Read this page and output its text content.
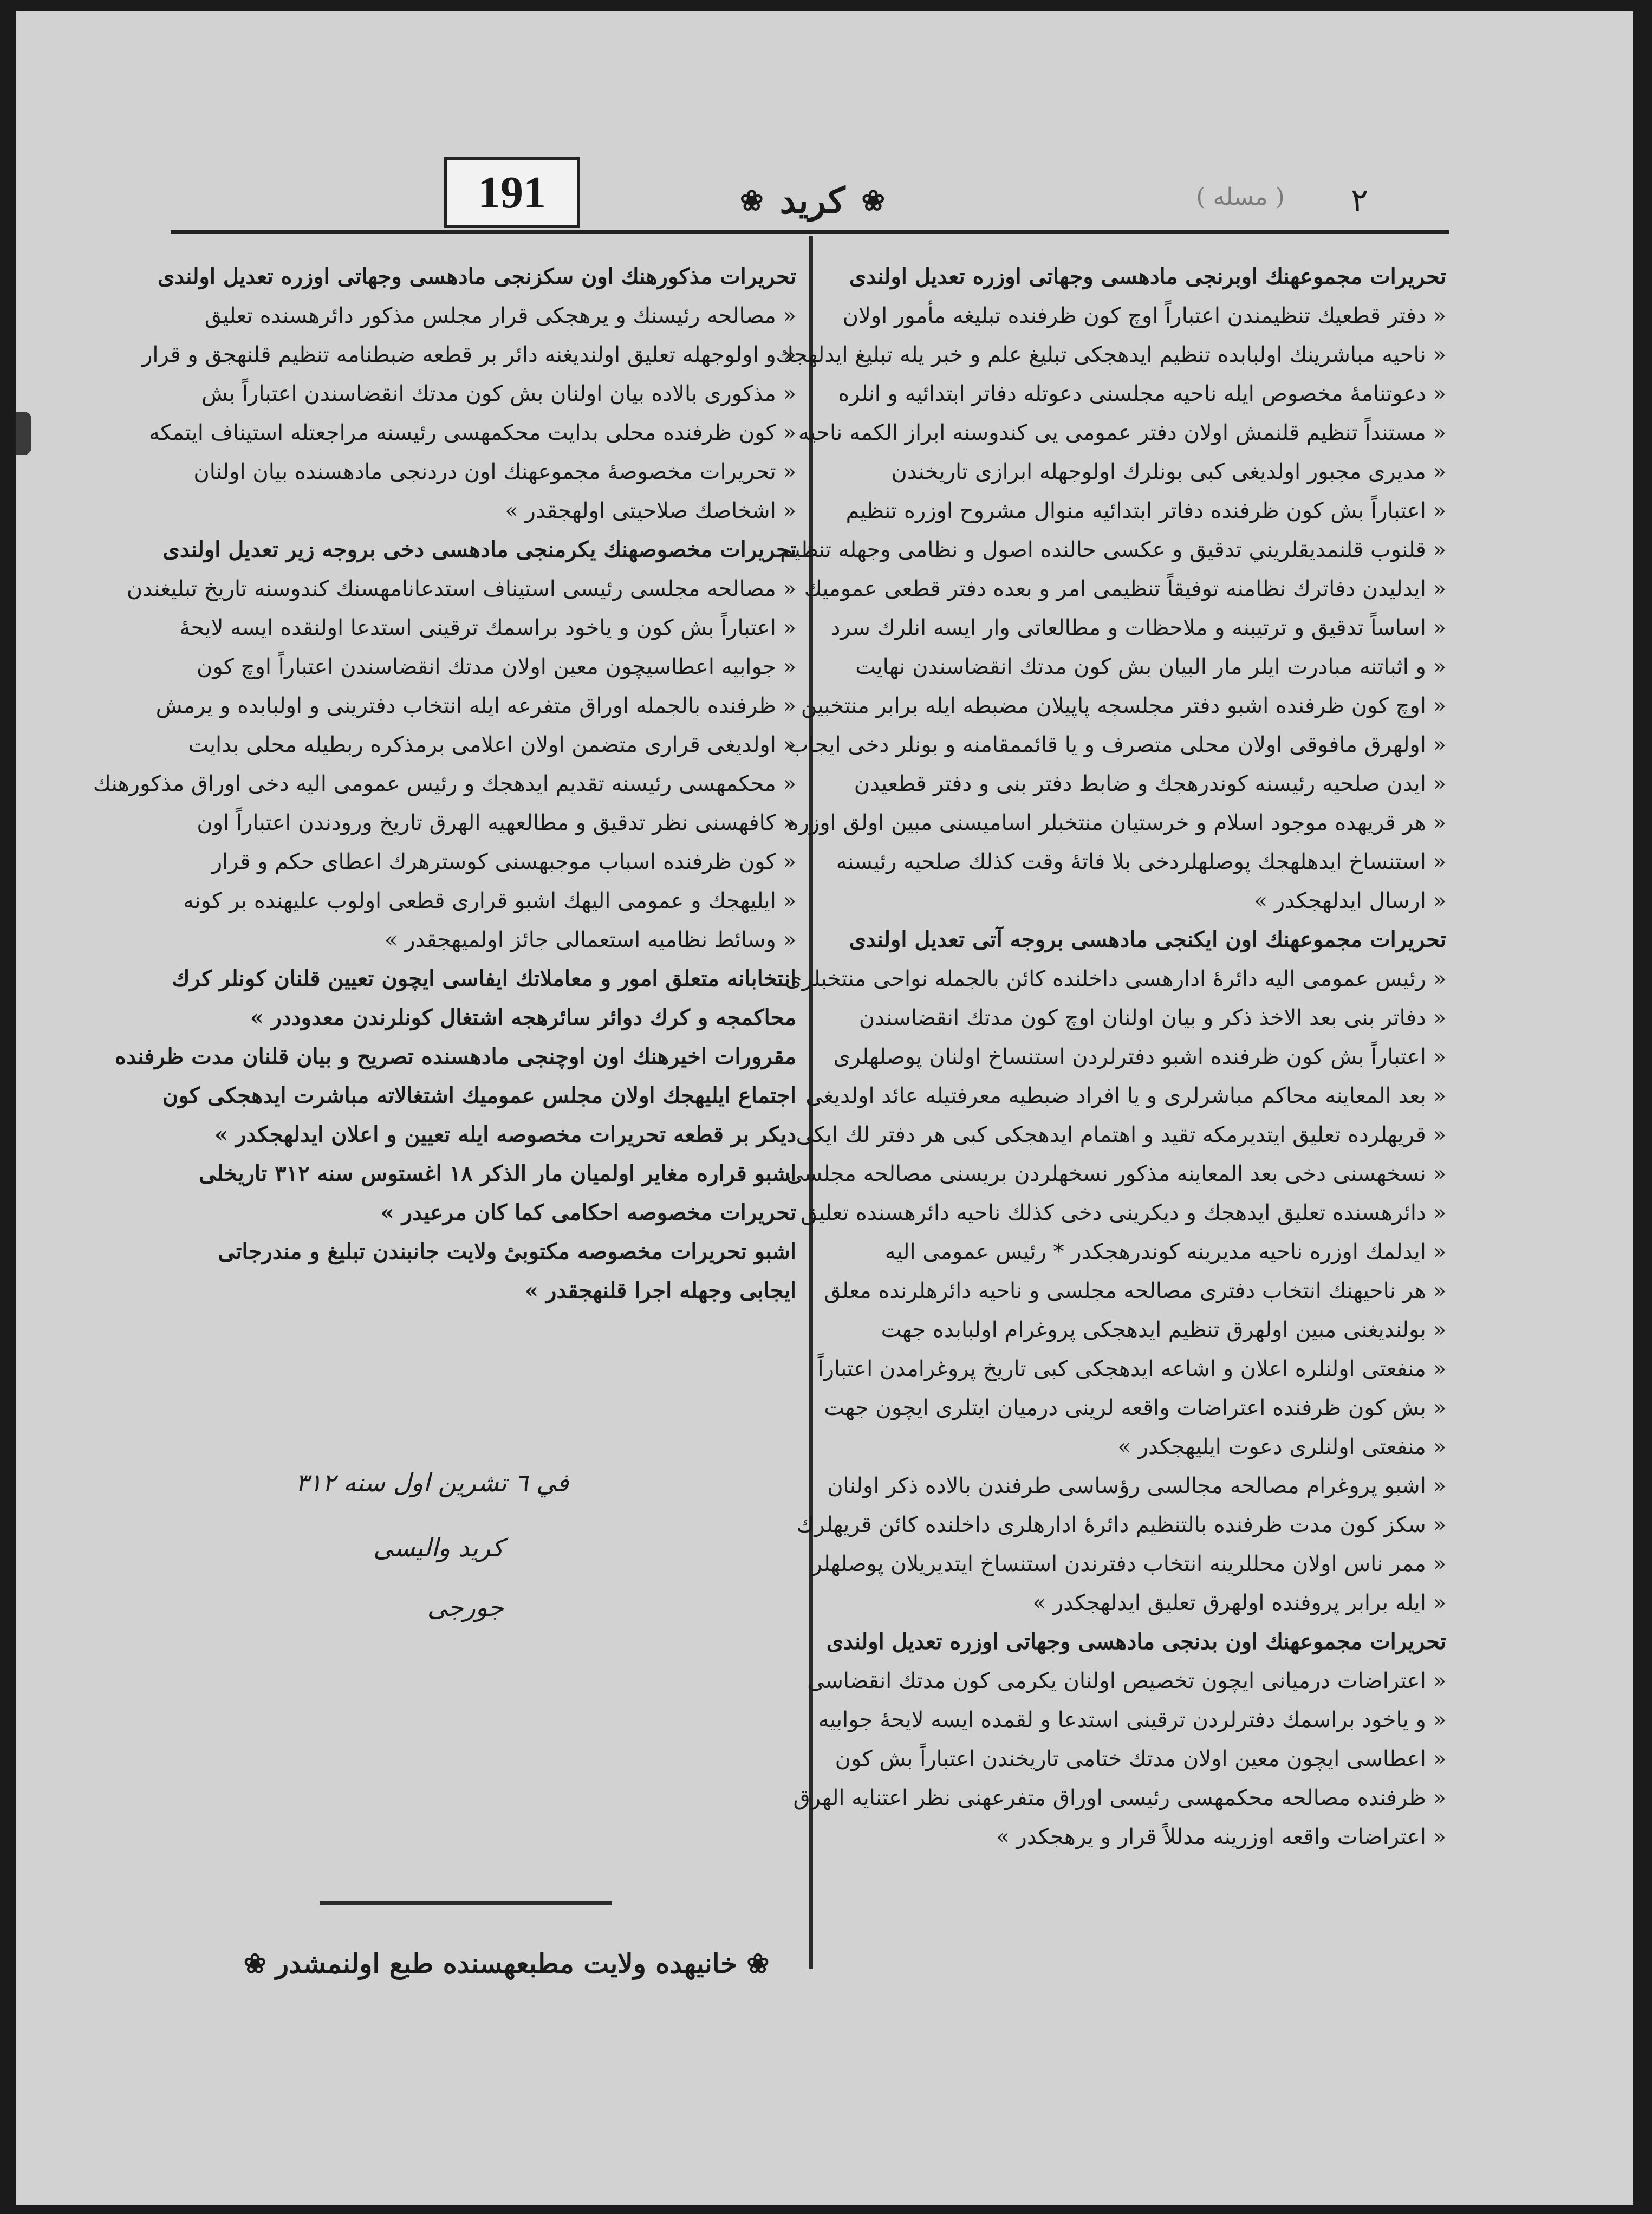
191	❀
كريد
❀	( مسله )	٢

تحريرات مجموعهنك اوبرنجى مادهسى وجهاتى اوزره تعديل اولندى

« دفتر قطعيك تنظيمندن اعتباراً اوچ كون ظرفنده تبليغه مأمور اولان

« ناحيه مباشرينك اولبابده تنظيم ايدهجكى تبليغ علم و خبر يله تبليغ ايدلهجك

« دعوتنامهٔ مخصوص ايله ناحيه مجلسنى دعوتله دفاتر ابتدائيه و انلره

« مستنداً تنظيم قلنمش اولان دفتر عمومى يى كندوسنه ابراز الكمه ناحيه

« مديرى مجبور اولديغى كبى بونلرك اولوجهله ابرازى تاريخندن

« اعتباراً بش كون ظرفنده دفاتر ابتدائيه منوال مشروح اوزره تنظيم

« قلنوب قلنمديقلريني تدقيق و عكسى حالنده اصول و نظامى وجهله تنظيم

« ايدليدن دفاترك نظامنه توفيقاً تنظيمى امر و بعده دفتر قطعى عموميك

« اساساً تدقيق و ترتيبنه و ملاحظات و مطالعاتى وار ايسه انلرك سرد

« و اثباتنه مبادرت ايلر مار البيان بش كون مدتك انقضاسندن نهايت

« اوچ كون ظرفنده اشبو دفتر مجلسجه پاپيلان مضبطه ايله برابر منتخبين

« اولهرق مافوقى اولان محلى متصرف و يا قائممقامنه و بونلر دخى ايجاب

« ايدن صلحيه رئيسنه كوندرهجك و ضابط دفتر بنى و دفتر قطعيدن

« هر قريهده موجود اسلام و خرستيان منتخبلر اساميسنى مبين اولق اوزره

« استنساخ ايدهلهجك پوصلهلردخى بلا فاتهٔ وقت كذلك صلحيه رئيسنه

« ارسال ايدلهجكدر »

تحريرات مجموعهنك اون ايكنجى مادهسى بروجه آتى تعديل اولندى

« رئيس عمومى اليه دائرهٔ ادارهسى داخلنده كائن بالجمله نواحى منتخبلرى

« دفاتر بنى بعد الاخذ ذكر و بيان اولنان اوچ كون مدتك انقضاسندن

« اعتباراً بش كون ظرفنده اشبو دفترلردن استنساخ اولنان پوصلهلرى

« بعد المعاينه محاكم مباشرلرى و يا افراد ضبطيه معرفتيله عائد اولديغى

« قريهلرده تعليق ايتديرمكه تقيد و اهتمام ايدهجكى كبى هر دفتر لك ايكى

« نسخهسنى دخى بعد المعاينه مذكور نسخهلردن بريسنى مصالحه مجلسى

« دائرهسنده تعليق ايدهجك و ديكرينى دخى كذلك ناحيه دائرهسنده تعليق

« ايدلمك اوزره ناحيه مديرينه كوندرهجكدر * رئيس عمومى اليه

« هر ناحيهنك انتخاب دفترى مصالحه مجلسى و ناحيه دائرهلرنده معلق

« بولنديغنى مبين اولهرق تنظيم ايدهجكى پروغرام اولبابده جهت

« منفعتى اولنلره اعلان و اشاعه ايدهجكى كبى تاريخ پروغرامدن اعتباراً

« بش كون ظرفنده اعتراضات واقعه لرينى درميان ايتلرى ايچون جهت

« منفعتى اولنلرى دعوت ايليهجكدر »

« اشبو پروغرام مصالحه مجالسى رؤساسى طرفندن بالاده ذكر اولنان

« سكز كون مدت ظرفنده بالتنظيم دائرهٔ ادارهلرى داخلنده كائن قريهلرك

« ممر ناس اولان محللرينه انتخاب دفترندن استنساخ ايتديريلان پوصلهلر

« ايله برابر پروفنده اولهرق تعليق ايدلهجكدر »

تحريرات مجموعهنك اون بدنجى مادهسى وجهاتى اوزره تعديل اولندى

« اعتراضات درميانى ايچون تخصيص اولنان يكرمى كون مدتك انقضاسى

« و ياخود براسمك دفترلردن ترقينى استدعا و لقمده ايسه لايحهٔ جوابيه

« اعطاسى ايچون معين اولان مدتك ختامى تاريخندن اعتباراً بش كون

« ظرفنده مصالحه محكمهسى رئيسى اوراق متفرعهنى نظر اعتنايه الهرق

« اعتراضات واقعه اوزرينه مدللاً قرار و يرهجكدر »

تحريرات مذكورهنك اون سكزنجى مادهسى وجهاتى اوزره تعديل اولندى

« مصالحه رئيسنك و يرهجكى قرار مجلس مذكور دائرهسنده تعليق

« و اولوجهله تعليق اولنديغنه دائر بر قطعه ضبطنامه تنظيم قلنهجق و قرار

« مذكورى بالاده بيان اولنان بش كون مدتك انقضاسندن اعتباراً بش

« كون ظرفنده محلى بدايت محكمهسى رئيسنه مراجعتله استيناف ايتمكه

« تحريرات مخصوصهٔ مجموعهنك اون دردنجى مادهسنده بيان اولنان

« اشخاصك صلاحيتى اولهجقدر »

تحريرات مخصوصهنك يكرمنجى مادهسى دخى بروجه زير تعديل اولندى

« مصالحه مجلسى رئيسى استيناف استدعانامهسنك كندوسنه تاريخ تبليغندن

« اعتباراً بش كون و ياخود براسمك ترقينى استدعا اولنقده ايسه لايحهٔ

« جوابيه اعطاسيچون معين اولان مدتك انقضاسندن اعتباراً اوچ كون

« ظرفنده بالجمله اوراق متفرعه ايله انتخاب دفترينى و اولبابده و يرمش

« اولديغى قرارى متضمن اولان اعلامى برمذكره ربطيله محلى بدايت

« محكمهسى رئيسنه تقديم ايدهجك و رئيس عمومى اليه دخى اوراق مذكورهنك

« كافهسنى نظر تدقيق و مطالعهيه الهرق تاريخ ورودندن اعتباراً اون

« كون ظرفنده اسباب موجبهسنى كوسترهرك اعطاى حكم و قرار

« ايليهجك و عمومى اليهك اشبو قرارى قطعى اولوب عليهنده بر كونه

« وسائط نظاميه استعمالى جائز اولميهجقدر »

انتخابانه متعلق امور و معاملاتك ايفاسى ايچون تعيين قلنان كونلر كرك

محاكمجه و كرك دوائر سائرهجه اشتغال كونلرندن معدوددر »

مقرورات اخيرهنك اون اوچنجى مادهسنده تصريح و بيان قلنان مدت ظرفنده

اجتماع ايليهجك اولان مجلس عموميك اشتغالاته مباشرت ايدهجكى كون

ديكر بر قطعه تحريرات مخصوصه ايله تعيين و اعلان ايدلهجكدر »

اشبو قراره مغاير اولميان مار الذكر ١٨ اغستوس سنه ٣١٢ تاريخلى

تحريرات مخصوصه احكامى كما كان مرعيدر »

اشبو تحريرات مخصوصه مكتوبىٔ ولايت جانبندن تبليغ و مندرجاتى

ايجابى وجهله اجرا قلنهجقدر »

في ٦ تشرين اول سنه ٣١٢

كريد واليسى

جورجى

❀ خانيهده ولايت مطبعهسنده طبع اولنمشدر ❀
